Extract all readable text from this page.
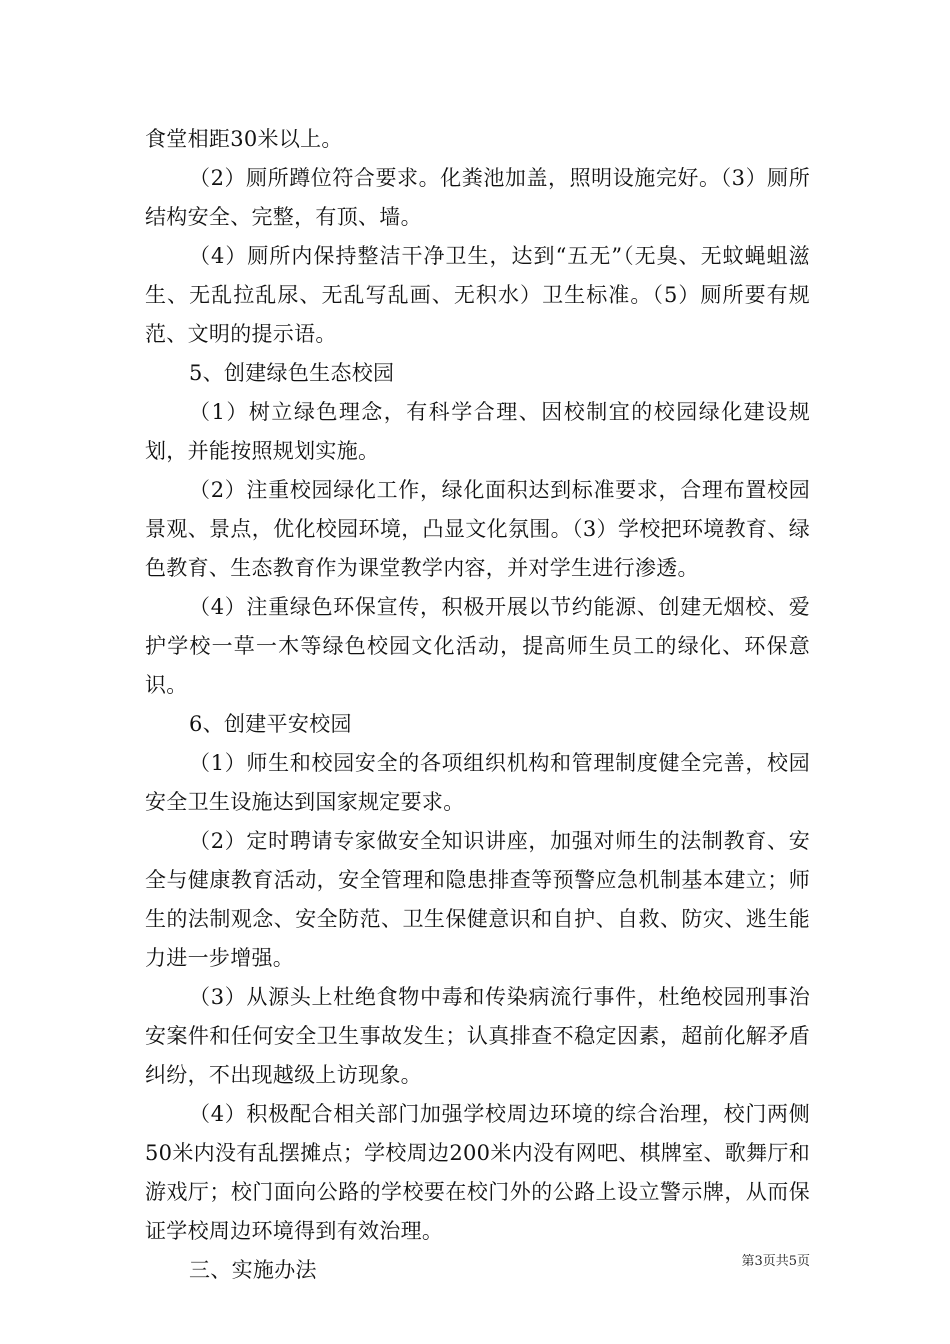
食堂相距30米以上。

（2）厕所蹲位符合要求。化粪池加盖，照明设施完好。（3）厕所结构安全、完整，有顶、墙。

（4）厕所内保持整洁干净卫生，达到“五无”（无臭、无蚊蝇蛆滋生、无乱拉乱尿、无乱写乱画、无积水）卫生标准。（5）厕所要有规范、文明的提示语。

5、创建绿色生态校园

（1）树立绿色理念，有科学合理、因校制宜的校园绿化建设规划，并能按照规划实施。

（2）注重校园绿化工作，绿化面积达到标准要求，合理布置校园景观、景点，优化校园环境，凸显文化氛围。（3）学校把环境教育、绿色教育、生态教育作为课堂教学内容，并对学生进行渗透。

（4）注重绿色环保宣传，积极开展以节约能源、创建无烟校、爱护学校一草一木等绿色校园文化活动，提高师生员工的绿化、环保意识。

6、创建平安校园

（1）师生和校园安全的各项组织机构和管理制度健全完善，校园安全卫生设施达到国家规定要求。

（2）定时聘请专家做安全知识讲座，加强对师生的法制教育、安全与健康教育活动，安全管理和隐患排查等预警应急机制基本建立；师生的法制观念、安全防范、卫生保健意识和自护、自救、防灾、逃生能力进一步增强。

（3）从源头上杜绝食物中毒和传染病流行事件，杜绝校园刑事治安案件和任何安全卫生事故发生；认真排查不稳定因素，超前化解矛盾纠纷，不出现越级上访现象。

（4）积极配合相关部门加强学校周边环境的综合治理，校门两侧50米内没有乱摆摊点；学校周边200米内没有网吧、棋牌室、歌舞厅和游戏厅；校门面向公路的学校要在校门外的公路上设立警示牌，从而保证学校周边环境得到有效治理。

三、实施办法	第3页共5页
